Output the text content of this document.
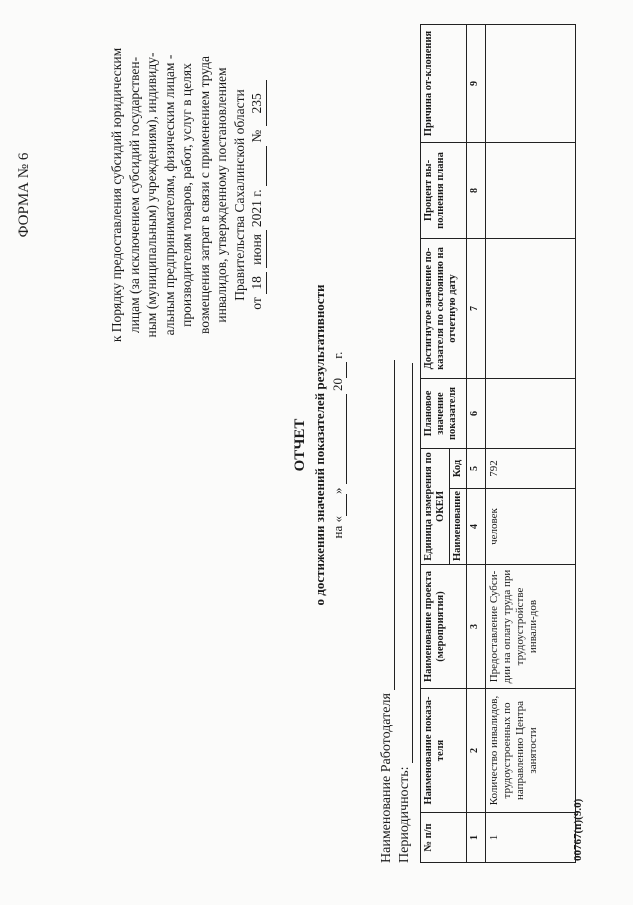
ФОРМА № 6	к Порядку предоставления субсидий юридическим лицам (за исключением субсидий государствен- ным (муниципальным) учреждениям), индивиду- альным предпринимателям, физическим лицам - производителям товаров, работ, услуг в целях возмещения затрат в связи с применением труда инвалидов, утвержденному постановлением Правительства Сахалинской области
от 18 июня 2021 г.   № 235
ОТЧЕТ о достижении значений показателей результативности на « »   20  г.
Наименование Работодателя Периодичность: № п/п	Наименование показа-теля	Наименование проекта (мероприятия)	Единица измерения по ОКЕИ		Плановое значение показателя	Достигнутое значение по-казателя по состоянию на отчетную дату	Процент вы-полнения плана	Причина от-клонения
			Наименование	Код				
1	2	3	4	5	6	7	8	9
1	Количество инвалидов, трудоустроенных по направлению Центра занятости	Предоставление Субси-дии на оплату труда при трудоустройстве инвали-дов	человек	792				
00767(п)(9.0)
